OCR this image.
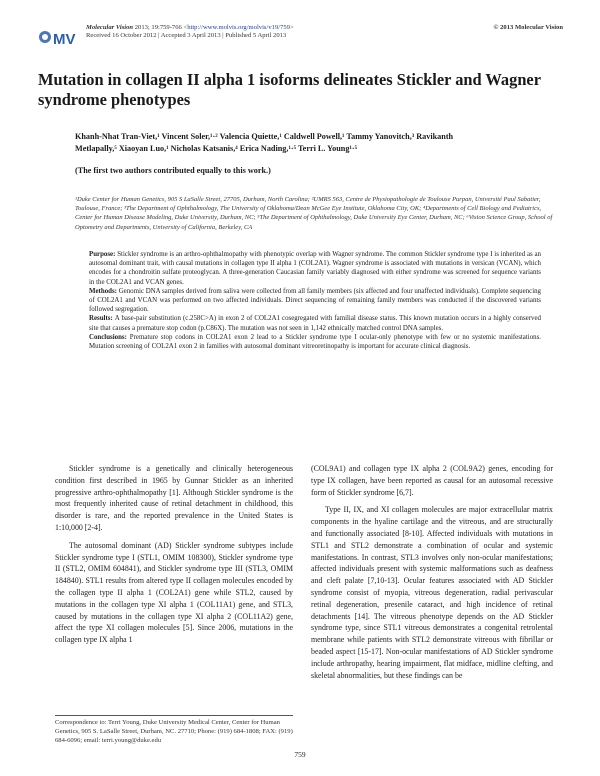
MV
Molecular Vision 2013; 19:759-766 <http://www.molvis.org/molvis/v19/759>
Received 16 October 2012 | Accepted 3 April 2013 | Published 5 April 2013
© 2013 Molecular Vision
Mutation in collagen II alpha 1 isoforms delineates Stickler and Wagner syndrome phenotypes
Khanh-Nhat Tran-Viet,¹ Vincent Soler,¹·² Valencia Quiette,¹ Caldwell Powell,¹ Tammy Yanovitch,³ Ravikanth
Metlapally,⁵ Xiaoyan Luo,¹ Nicholas Katsanis,⁴ Erica Nading,¹·⁵ Terri L. Young¹·⁵
(The first two authors contributed equally to this work.)
¹Duke Center for Human Genetics, 905 S LaSalle Street, 27705, Durham, North Carolina; ²UMRS 563, Centre de Physiopathologie de Toulouse Purpan, Université Paul Sabatier, Toulouse, France; ³The Department of Ophthalmology, The University of Oklahoma/Dean McGee Eye Institute, Oklahoma City, OK; ⁴Departments of Cell Biology and Pediatrics, Center for Human Disease Modeling, Duke University, Durham, NC; ⁵The Department of Ophthalmology, Duke University Eye Center, Durham, NC; ⁶Vision Science Group, School of Optometry and Departments, University of California, Berkeley, CA

Purpose: Stickler syndrome is an arthro-ophthalmopathy with phenotypic overlap with Wagner syndrome. The common Stickler syndrome type I is inherited as an autosomal dominant trait, with causal mutations in collagen type II alpha 1 (COL2A1). Wagner syndrome is associated with mutations in versican (VCAN), which encodes for a chondroitin sulfate proteoglycan. A three-generation Caucasian family variably diagnosed with either syndrome was screened for sequence variants in the COL2A1 and VCAN genes.

Methods: Genomic DNA samples derived from saliva were collected from all family members (six affected and four unaffected individuals). Complete sequencing of COL2A1 and VCAN was performed on two affected individuals. Direct sequencing of remaining family members was conducted if the discovered variants followed segregation.

Results: A base-pair substitution (c.258C>A) in exon 2 of COL2A1 cosegregated with familial disease status. This known mutation occurs in a highly conserved site that causes a premature stop codon (p.C86X). The mutation was not seen in 1,142 ethnically matched control DNA samples.

Conclusions: Premature stop codons in COL2A1 exon 2 lead to a Stickler syndrome type I ocular-only phenotype with few or no systemic manifestations. Mutation screening of COL2A1 exon 2 in families with autosomal dominant vitreoretinopathy is important for accurate clinical diagnosis.

Stickler syndrome is a genetically and clinically heterogeneous condition first described in 1965 by Gunnar Stickler as an inherited progressive arthro-ophthalmopathy [1]. Although Stickler syndrome is the most frequently inherited cause of retinal detachment in childhood, this disorder is rare, and the reported prevalence in the United States is 1:10,000 [2-4].

The autosomal dominant (AD) Stickler syndrome subtypes include Stickler syndrome type I (STL1, OMIM 108300), Stickler syndrome type II (STL2, OMIM 604841), and Stickler syndrome type III (STL3, OMIM 184840). STL1 results from altered type II collagen molecules encoded by the collagen type II alpha 1 (COL2A1) gene while STL2, caused by mutations in the collagen type XI alpha 1 (COL11A1) gene, and STL3, caused by mutations in the collagen type XI alpha 2 (COL11A2) gene, affect the type XI collagen molecules [5]. Since 2006, mutations in the collagen type IX alpha 1

(COL9A1) and collagen type IX alpha 2 (COL9A2) genes, encoding for type IX collagen, have been reported as causal for an autosomal recessive form of Stickler syndrome [6,7].

Type II, IX, and XI collagen molecules are major extracellular matrix components in the hyaline cartilage and the vitreous, and are structurally and functionally associated [8-10]. Affected individuals with mutations in STL1 and STL2 demonstrate a combination of ocular and systemic manifestations. In contrast, STL3 involves only non-ocular manifestations; affected individuals present with systemic malformations such as deafness and cleft palate [7,10-13]. Ocular features associated with AD Stickler syndrome consist of myopia, vitreous degeneration, radial perivascular retinal degeneration, presenile cataract, and high incidence of retinal detachments [14]. The vitreous phenotype depends on the AD Stickler syndrome type, since STL1 vitreous demonstrates a congenital retrolental membrane while patients with STL2 demonstrate vitreous with fibrillar or beaded aspect [15-17]. Non-ocular manifestations of AD Stickler syndrome include arthropathy, hearing impairment, flat midface, midline clefting, and skeletal abnormalities, but these findings can be

Correspondence to: Terri Young, Duke University Medical Center, Center for Human Genetics, 905 S. LaSalle Street, Durham, NC. 27710; Phone: (919) 684-1808; FAX: (919) 684-6096; email: terri.young@duke.edu
759
